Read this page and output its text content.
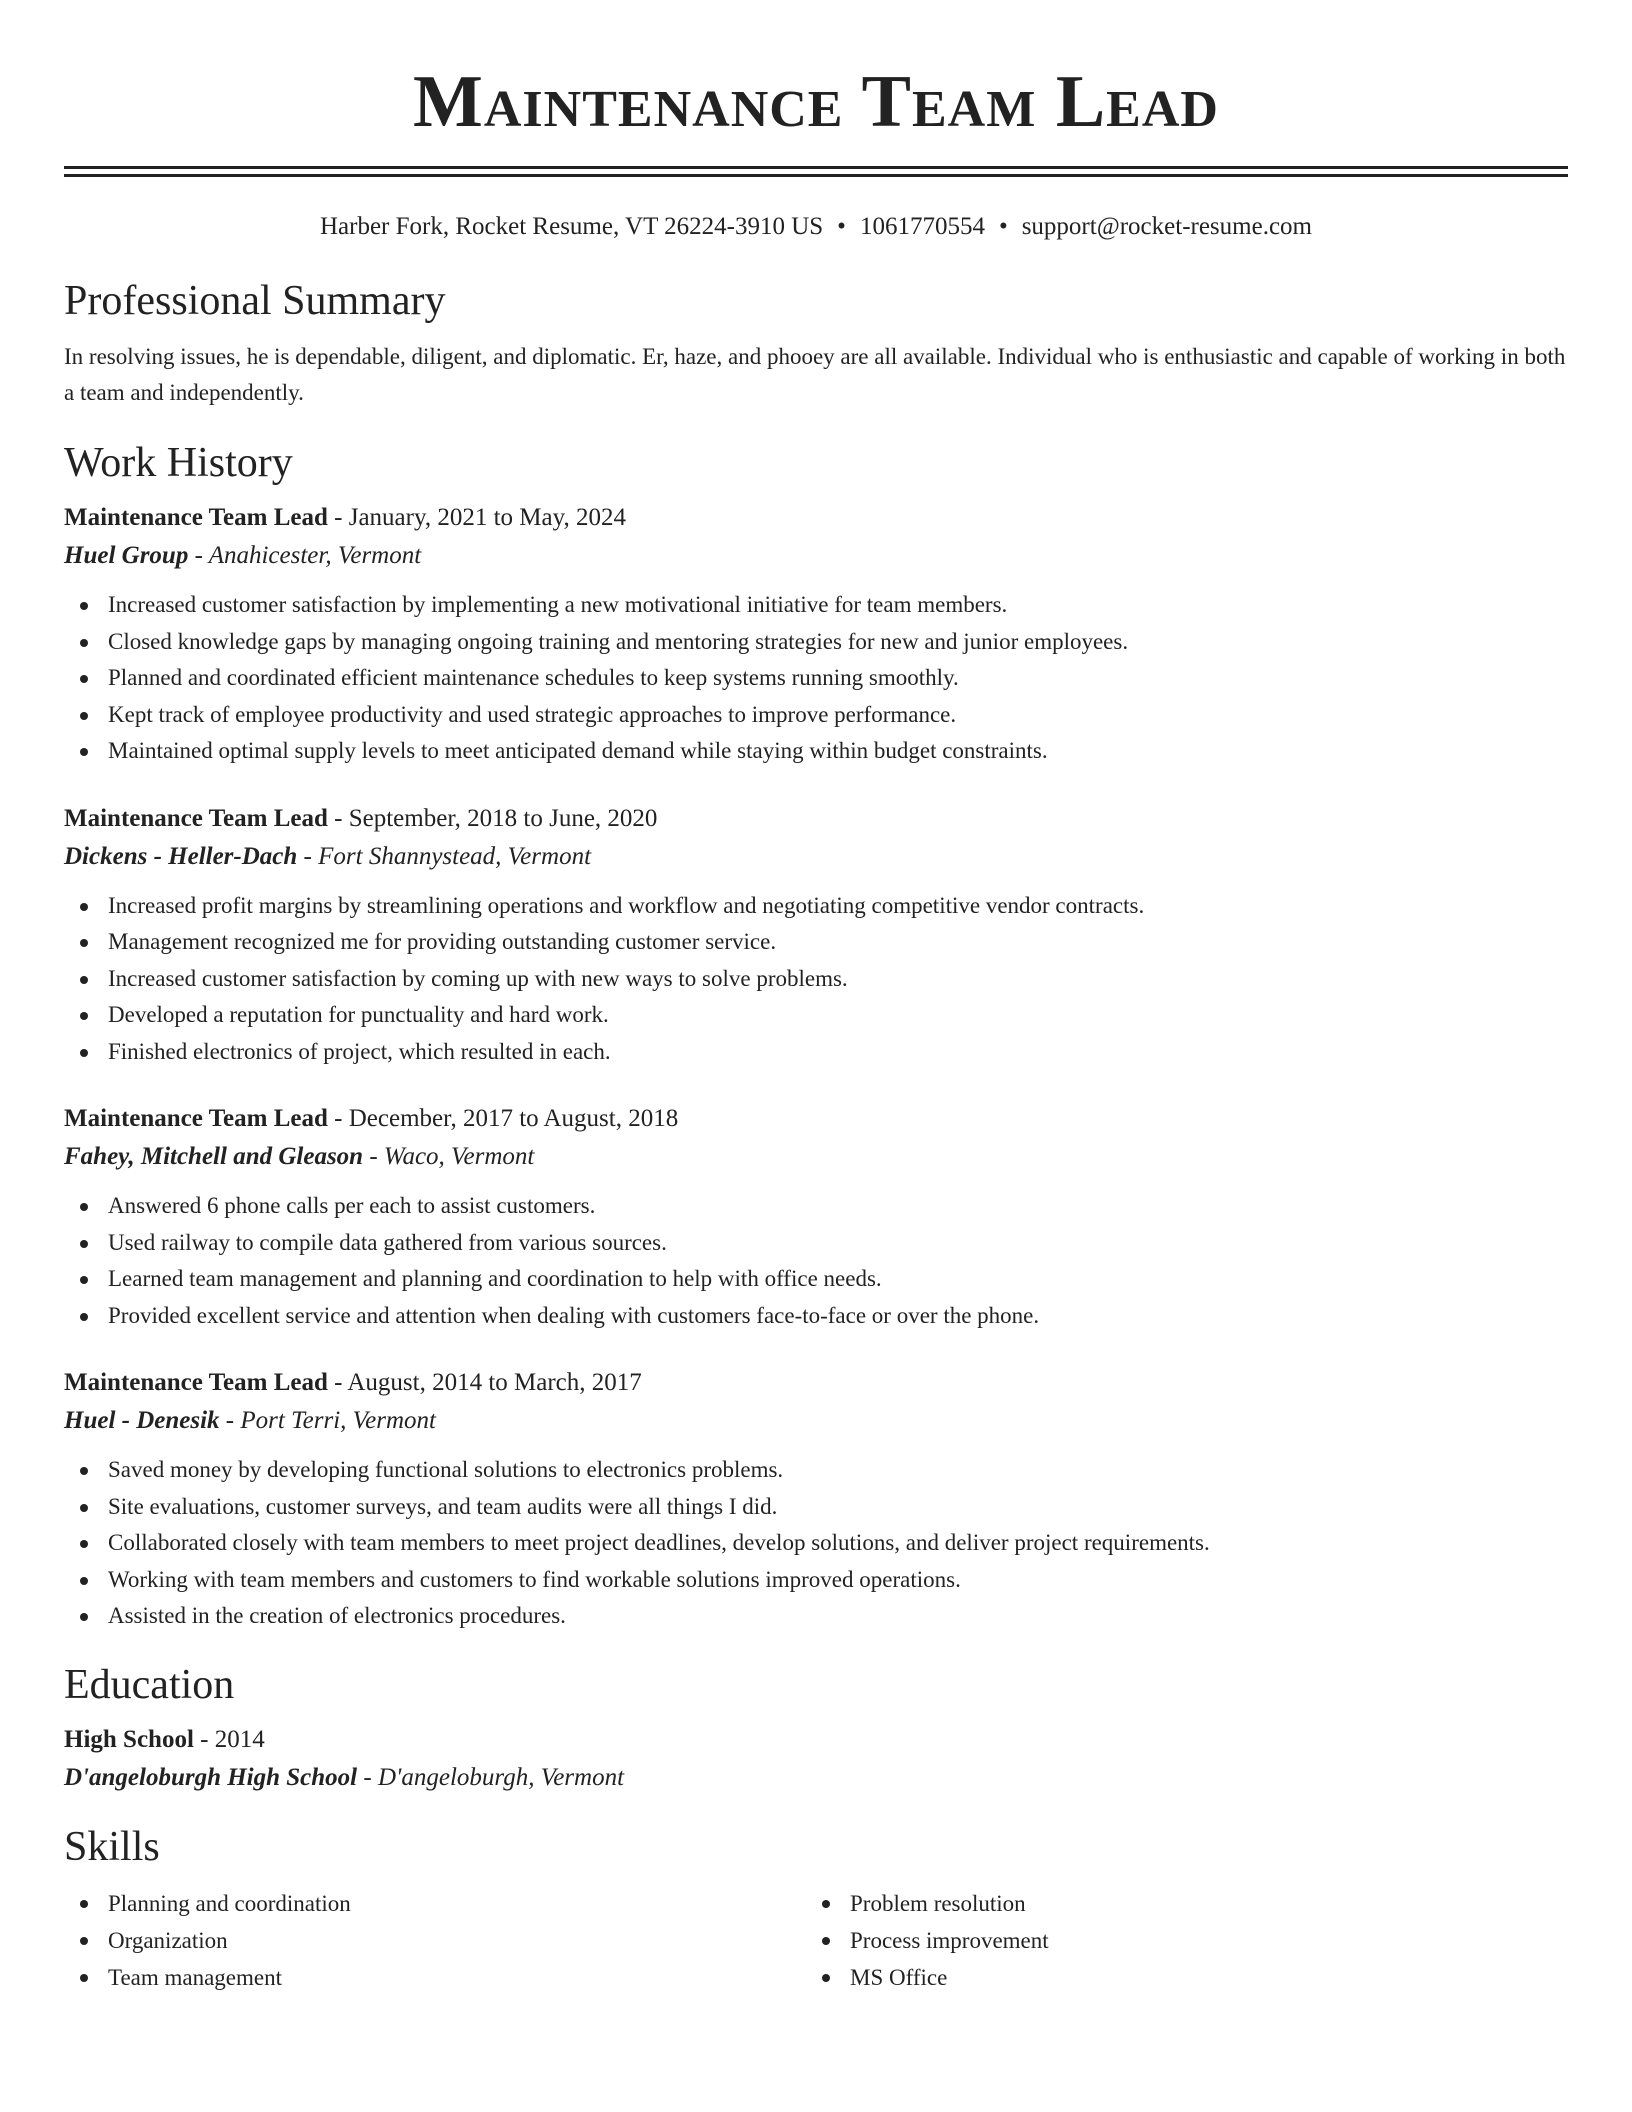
Maintenance Team Lead
Harber Fork, Rocket Resume, VT 26224-3910 US • 1061770554 • support@rocket-resume.com
Professional Summary

In resolving issues, he is dependable, diligent, and diplomatic. Er, haze, and phooey are all available. Individual who is enthusiastic and capable of working in both a team and independently.

Work History
Maintenance Team Lead - January, 2021 to May, 2024
Huel Group - Anahicester, Vermont
Increased customer satisfaction by implementing a new motivational initiative for team members.
Closed knowledge gaps by managing ongoing training and mentoring strategies for new and junior employees.
Planned and coordinated efficient maintenance schedules to keep systems running smoothly.
Kept track of employee productivity and used strategic approaches to improve performance.
Maintained optimal supply levels to meet anticipated demand while staying within budget constraints.
Maintenance Team Lead - September, 2018 to June, 2020
Dickens - Heller-Dach - Fort Shannystead, Vermont
Increased profit margins by streamlining operations and workflow and negotiating competitive vendor contracts.
Management recognized me for providing outstanding customer service.
Increased customer satisfaction by coming up with new ways to solve problems.
Developed a reputation for punctuality and hard work.
Finished electronics of project, which resulted in each.
Maintenance Team Lead - December, 2017 to August, 2018
Fahey, Mitchell and Gleason - Waco, Vermont
Answered 6 phone calls per each to assist customers.
Used railway to compile data gathered from various sources.
Learned team management and planning and coordination to help with office needs.
Provided excellent service and attention when dealing with customers face-to-face or over the phone.
Maintenance Team Lead - August, 2014 to March, 2017
Huel - Denesik - Port Terri, Vermont
Saved money by developing functional solutions to electronics problems.
Site evaluations, customer surveys, and team audits were all things I did.
Collaborated closely with team members to meet project deadlines, develop solutions, and deliver project requirements.
Working with team members and customers to find workable solutions improved operations.
Assisted in the creation of electronics procedures.
Education
High School - 2014
D'angeloburgh High School - D'angeloburgh, Vermont
Skills
Planning and coordination
Organization
Team management
Problem resolution
Process improvement
MS Office
